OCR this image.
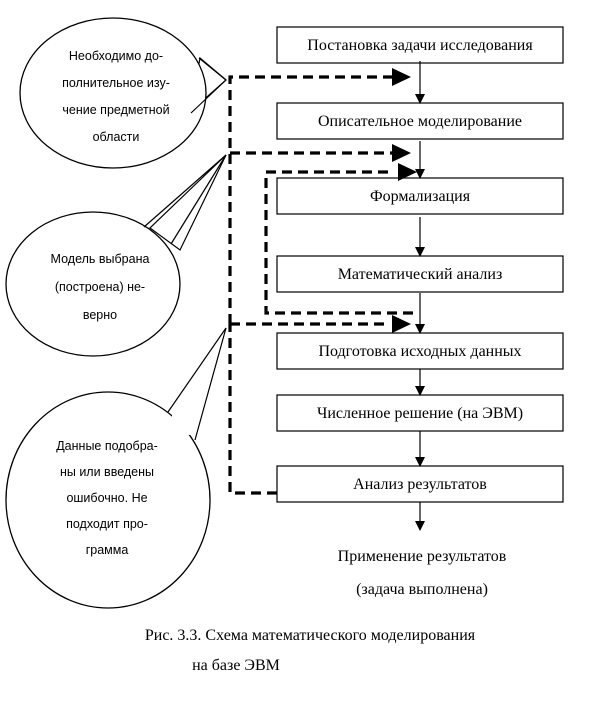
Постановка задачи исследования
Описательное моделирование
Формализация
Математический анализ
Подготовка исходных данных
Численное решение (на ЭВМ)
Анализ результатов
Необходимо до-
полнительное изу-
чение предметной
области
Модель выбрана
(построена) не-
верно
Данные подобра-
ны или введены
ошибочно. Не
подходит про-
грамма	Применение результатов
(задача выполнена)
Рис. 3.3. Схема математического моделирования
на базе ЭВМ
